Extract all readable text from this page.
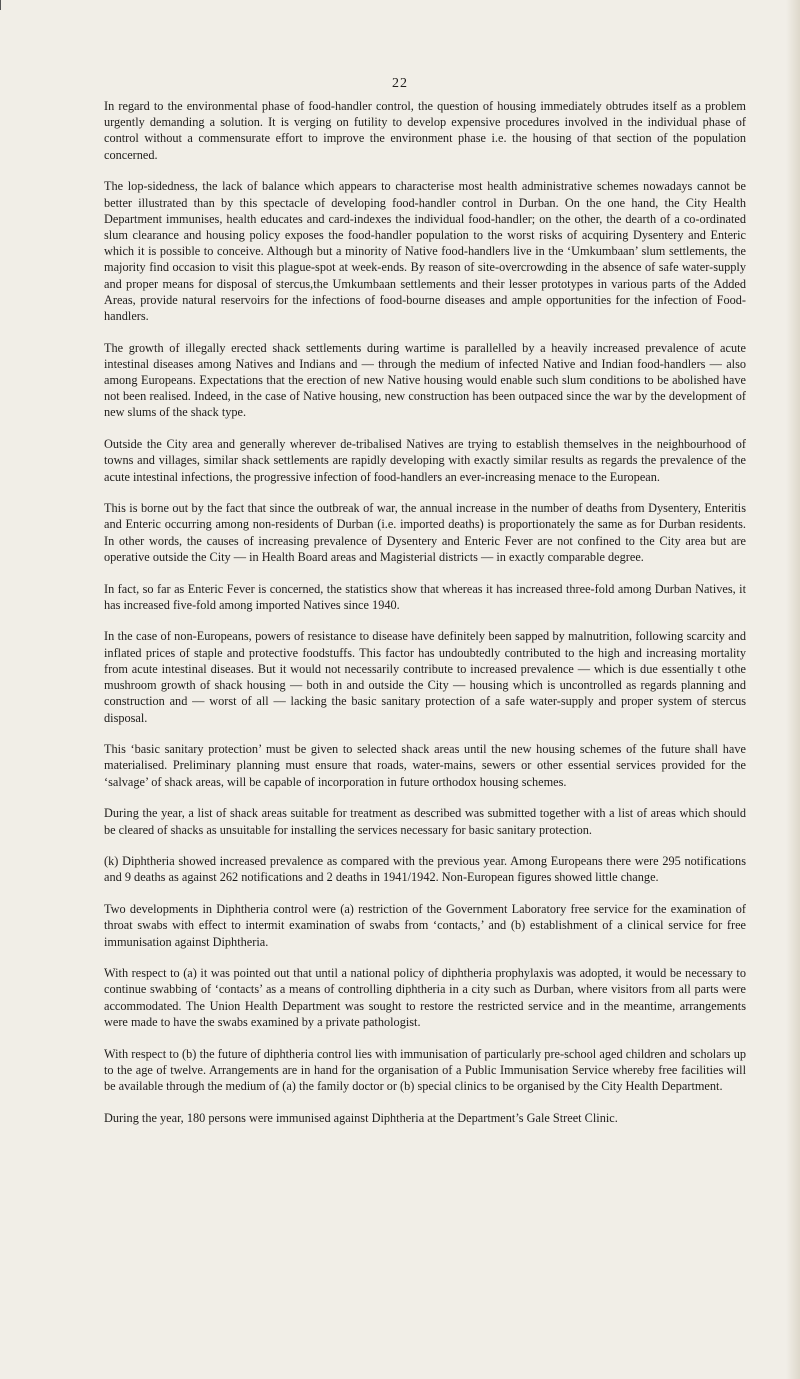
22

In regard to the environmental phase of food-handler control, the question of housing immediately obtrudes itself as a problem urgently demanding a solution. It is verging on futility to develop expensive procedures involved in the individual phase of control without a commensurate effort to improve the environment phase i.e. the housing of that section of the population concerned.

The lop-sidedness, the lack of balance which appears to characterise most health administrative schemes nowadays cannot be better illustrated than by this spectacle of developing food-handler control in Durban. On the one hand, the City Health Department immunises, health educates and card-indexes the individual food-handler; on the other, the dearth of a co-ordinated slum clearance and housing policy exposes the food-handler population to the worst risks of acquiring Dysentery and Enteric which it is possible to conceive. Although but a minority of Native food-handlers live in the ‘Umkumbaan’ slum settlements, the majority find occasion to visit this plague-spot at week-ends. By reason of site-overcrowding in the absence of safe water-supply and proper means for disposal of stercus,the Umkumbaan settlements and their lesser prototypes in various parts of the Added Areas, provide natural reservoirs for the infections of food-bourne diseases and ample opportunities for the infection of Food-handlers.

The growth of illegally erected shack settlements during wartime is parallelled by a heavily increased prevalence of acute intestinal diseases among Natives and Indians and — through the medium of infected Native and Indian food-handlers — also among Europeans. Expectations that the erection of new Native housing would enable such slum conditions to be abolished have not been realised. Indeed, in the case of Native housing, new construction has been outpaced since the war by the development of new slums of the shack type.

Outside the City area and generally wherever de-tribalised Natives are trying to establish themselves in the neighbourhood of towns and villages, similar shack settlements are rapidly developing with exactly similar results as regards the prevalence of the acute intestinal infections, the progressive infection of food-handlers an ever-increasing menace to the European.

This is borne out by the fact that since the outbreak of war, the annual increase in the number of deaths from Dysentery, Enteritis and Enteric occurring among non-residents of Durban (i.e. imported deaths) is proportionately the same as for Durban residents. In other words, the causes of increasing prevalence of Dysentery and Enteric Fever are not confined to the City area but are operative outside the City — in Health Board areas and Magisterial districts — in exactly comparable degree.

In fact, so far as Enteric Fever is concerned, the statistics show that whereas it has increased three-fold among Durban Natives, it has increased five-fold among imported Natives since 1940.

In the case of non-Europeans, powers of resistance to disease have definitely been sapped by malnutrition, following scarcity and inflated prices of staple and protective foodstuffs. This factor has undoubtedly contributed to the high and increasing mortality from acute intestinal diseases. But it would not necessarily contribute to increased prevalence — which is due essentially t othe mushroom growth of shack housing — both in and outside the City — housing which is uncontrolled as regards planning and construction and — worst of all — lacking the basic sanitary protection of a safe water-supply and proper system of stercus disposal.

This ‘basic sanitary protection’ must be given to selected shack areas until the new housing schemes of the future shall have materialised. Preliminary planning must ensure that roads, water-mains, sewers or other essential services provided for the ‘salvage’ of shack areas, will be capable of incorporation in future orthodox housing schemes.

During the year, a list of shack areas suitable for treatment as described was submitted together with a list of areas which should be cleared of shacks as unsuitable for installing the services necessary for basic sanitary protection.

(k) Diphtheria showed increased prevalence as compared with the previous year. Among Europeans there were 295 notifications and 9 deaths as against 262 notifications and 2 deaths in 1941/1942. Non-European figures showed little change.

Two developments in Diphtheria control were (a) restriction of the Government Laboratory free service for the examination of throat swabs with effect to intermit examination of swabs from ‘contacts,’ and (b) establishment of a clinical service for free immunisation against Diphtheria.

With respect to (a) it was pointed out that until a national policy of diphtheria prophylaxis was adopted, it would be necessary to continue swabbing of ‘contacts’ as a means of controlling diphtheria in a city such as Durban, where visitors from all parts were accommodated. The Union Health Department was sought to restore the restricted service and in the meantime, arrangements were made to have the swabs examined by a private pathologist.

With respect to (b) the future of diphtheria control lies with immunisation of particularly pre-school aged children and scholars up to the age of twelve. Arrangements are in hand for the organisation of a Public Immunisation Service whereby free facilities will be available through the medium of (a) the family doctor or (b) special clinics to be organised by the City Health Department.

During the year, 180 persons were immunised against Diphtheria at the Department’s Gale Street Clinic.
